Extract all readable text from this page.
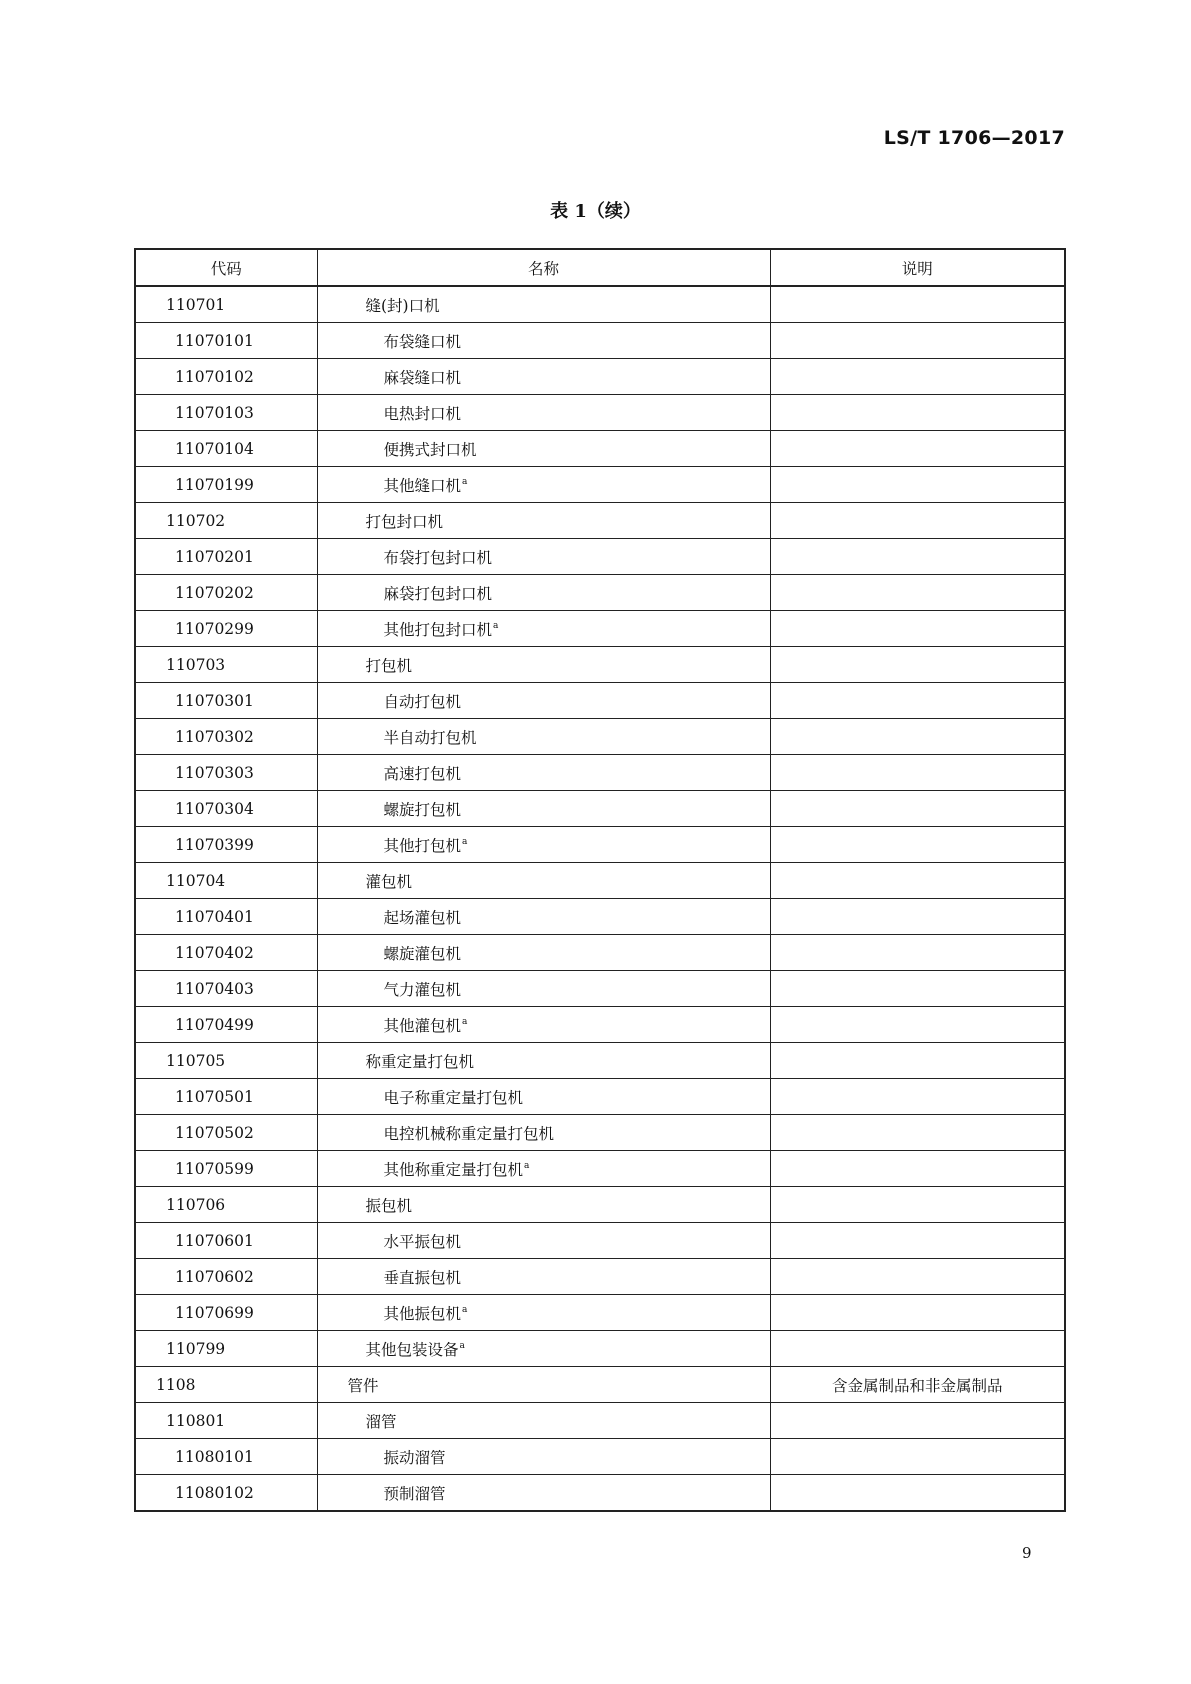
LS/T 1706—2017
表 1（续）
代码	名称	说明
110701	缝(封)口机	
11070101	布袋缝口机	
11070102	麻袋缝口机	
11070103	电热封口机	
11070104	便携式封口机	
11070199	其他缝口机$^a$	
110702	打包封口机	
11070201	布袋打包封口机	
11070202	麻袋打包封口机	
11070299	其他打包封口机$^a$	
110703	打包机	
11070301	自动打包机	
11070302	半自动打包机	
11070303	高速打包机	
11070304	螺旋打包机	
11070399	其他打包机$^a$	
110704	灌包机	
11070401	起场灌包机	
11070402	螺旋灌包机	
11070403	气力灌包机	
11070499	其他灌包机$^a$	
110705	称重定量打包机	
11070501	电子称重定量打包机	
11070502	电控机械称重定量打包机	
11070599	其他称重定量打包机$^a$	
110706	振包机	
11070601	水平振包机	
11070602	垂直振包机	
11070699	其他振包机$^a$	
110799	其他包装设备$^a$	
1108	管件	含金属制品和非金属制品
110801	溜管	
11080101	振动溜管	
11080102	预制溜管	
9
